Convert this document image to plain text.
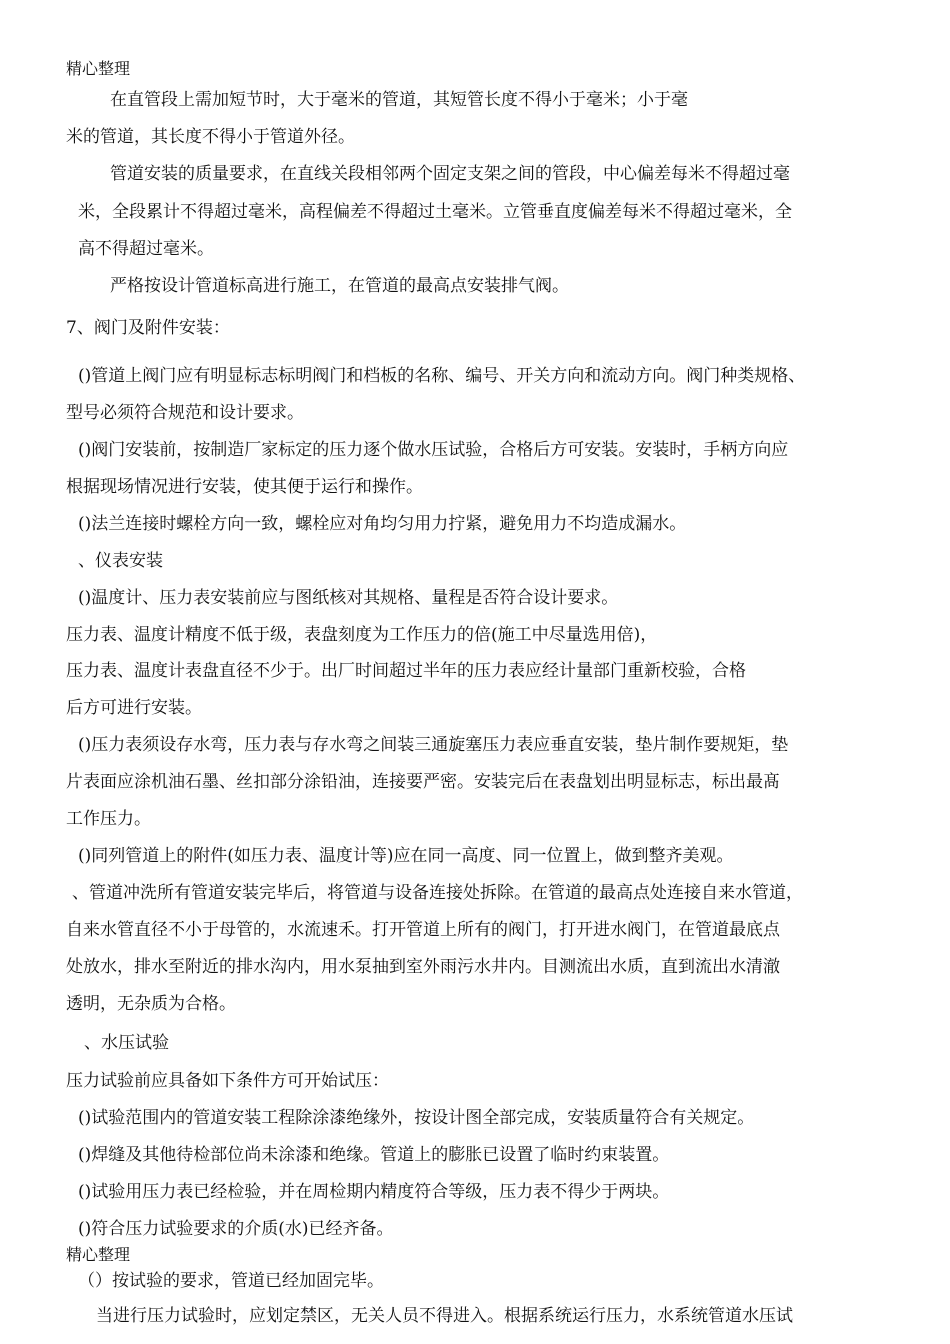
精心整理
在直管段上需加短节时，大于毫米的管道，其短管长度不得小于毫米；小于毫
米的管道，其长度不得小于管道外径。
管道安装的质量要求，在直线关段相邻两个固定支架之间的管段，中心偏差每米不得超过毫
米，全段累计不得超过毫米，高程偏差不得超过土毫米。立管垂直度偏差每米不得超过毫米，全
高不得超过毫米。
严格按设计管道标高进行施工，在管道的最高点安装排气阀。
7、阀门及附件安装：
()管道上阀门应有明显标志标明阀门和档板的名称、编号、开关方向和流动方向。阀门种类规格、
型号必须符合规范和设计要求。
()阀门安装前，按制造厂家标定的压力逐个做水压试验，合格后方可安装。安装时，手柄方向应
根据现场情况进行安装，使其便于运行和操作。
()法兰连接时螺栓方向一致，螺栓应对角均匀用力拧紧，避免用力不均造成漏水。
、仪表安装
()温度计、压力表安装前应与图纸核对其规格、量程是否符合设计要求。
压力表、温度计精度不低于级，表盘刻度为工作压力的倍(施工中尽量选用倍)，
压力表、温度计表盘直径不少于。出厂时间超过半年的压力表应经计量部门重新校验，合格
后方可进行安装。
()压力表须设存水弯，压力表与存水弯之间装三通旋塞压力表应垂直安装，垫片制作要规矩，垫
片表面应涂机油石墨、丝扣部分涂铅油，连接要严密。安装完后在表盘划出明显标志，标出最髙
工作压力。
()同列管道上的附件(如压力表、温度计等)应在同一高度、同一位置上，做到整齐美观。
、管道冲洗所有管道安装完毕后，将管道与设备连接处拆除。在管道的最高点处连接自来水管道，
自来水管直径不小于母管的，水流速禾。打开管道上所有的阀门，打开进水阀门，在管道最底点
处放水，排水至附近的排水沟内，用水泵抽到室外雨污水井内。目测流出水质，直到流出水清澈
透明，无杂质为合格。
、水压试验
压力试验前应具备如下条件方可开始试压：
()试验范围内的管道安装工程除涂漆绝缘外，按设计图全部完成，安装质量符合有关规定。
()焊缝及其他待检部位尚未涂漆和绝缘。管道上的膨胀已设置了临时约束装置。
()试验用压力表已经检验，并在周检期内精度符合等级，压力表不得少于两块。
()符合压力试验要求的介质(水)已经齐备。
精心整理
（）按试验的要求，管道已经加固完毕。
当进行压力试验时，应划定禁区，无关人员不得进入。根据系统运行压力，水系统管道水压试
